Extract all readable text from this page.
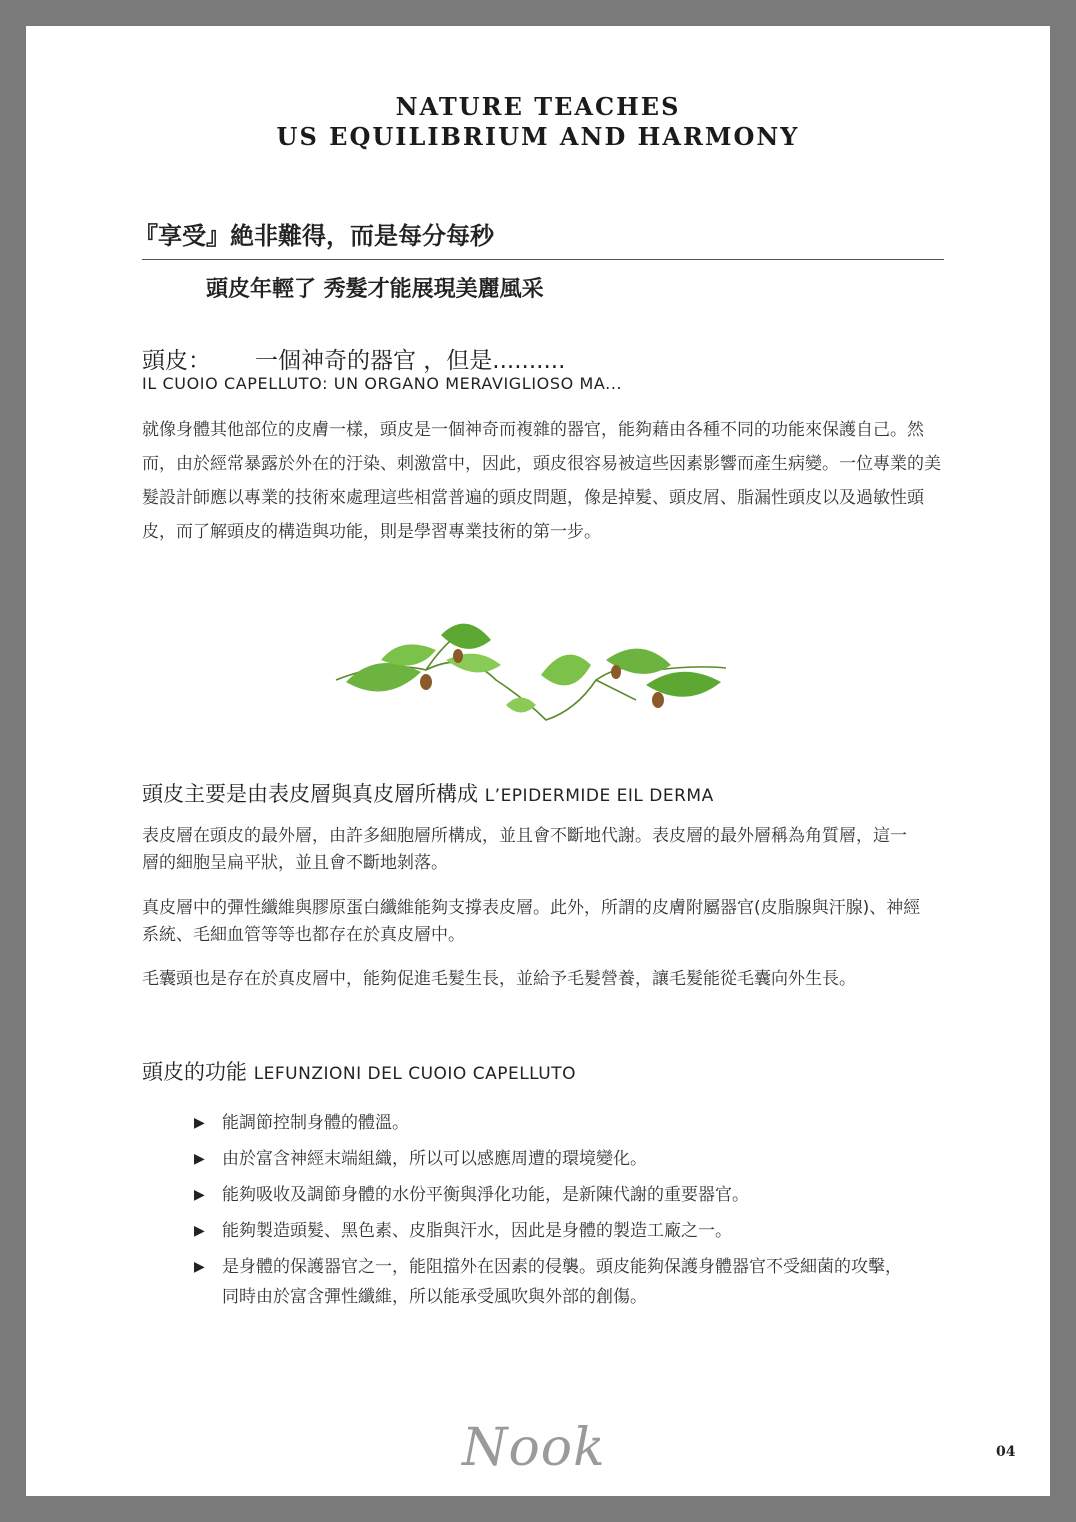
NATURE TEACHES
US EQUILIBRIUM AND HARMONY
『享受』絶非難得，而是每分每秒
頭皮年輕了 秀髮才能展現美麗風采
頭皮： 一個神奇的器官 ，但是..........
IL CUOIO CAPELLUTO: UN ORGANO MERAVIGLIOSO MA...

就像身體其他部位的皮膚一樣，頭皮是一個神奇而複雜的器官，能夠藉由各種不同的功能來保護自己。然而，由於經常暴露於外在的汙染、刺激當中，因此，頭皮很容易被這些因素影響而產生病變。一位專業的美髮設計師應以專業的技術來處理這些相當普遍的頭皮問題，像是掉髮、頭皮屑、脂漏性頭皮以及過敏性頭皮，而了解頭皮的構造與功能，則是學習專業技術的第一步。

頭皮主要是由表皮層與真皮層所構成 L’EPIDERMIDE EIL DERMA

表皮層在頭皮的最外層，由許多細胞層所構成，並且會不斷地代謝。表皮層的最外層稱為角質層，這一層的細胞呈扁平狀，並且會不斷地剝落。

真皮層中的彈性纖維與膠原蛋白纖維能夠支撐表皮層。此外，所謂的皮膚附屬器官(皮脂腺與汗腺)、神經系統、毛細血管等等也都存在於真皮層中。

毛囊頭也是存在於真皮層中，能夠促進毛髮生長，並給予毛髮營養，讓毛髮能從毛囊向外生長。

頭皮的功能 LEFUNZIONI DEL CUOIO CAPELLUTO
▶ 能調節控制身體的體溫。
▶ 由於富含神經末端組織，所以可以感應周遭的環境變化。
▶ 能夠吸收及調節身體的水份平衡與淨化功能，是新陳代謝的重要器官。
▶ 能夠製造頭髮、黑色素、皮脂與汗水，因此是身體的製造工廠之一。
▶ 是身體的保護器官之一，能阻擋外在因素的侵襲。頭皮能夠保護身體器官不受細菌的攻擊，同時由於富含彈性纖維，所以能承受風吹與外部的創傷。
Nook	04
